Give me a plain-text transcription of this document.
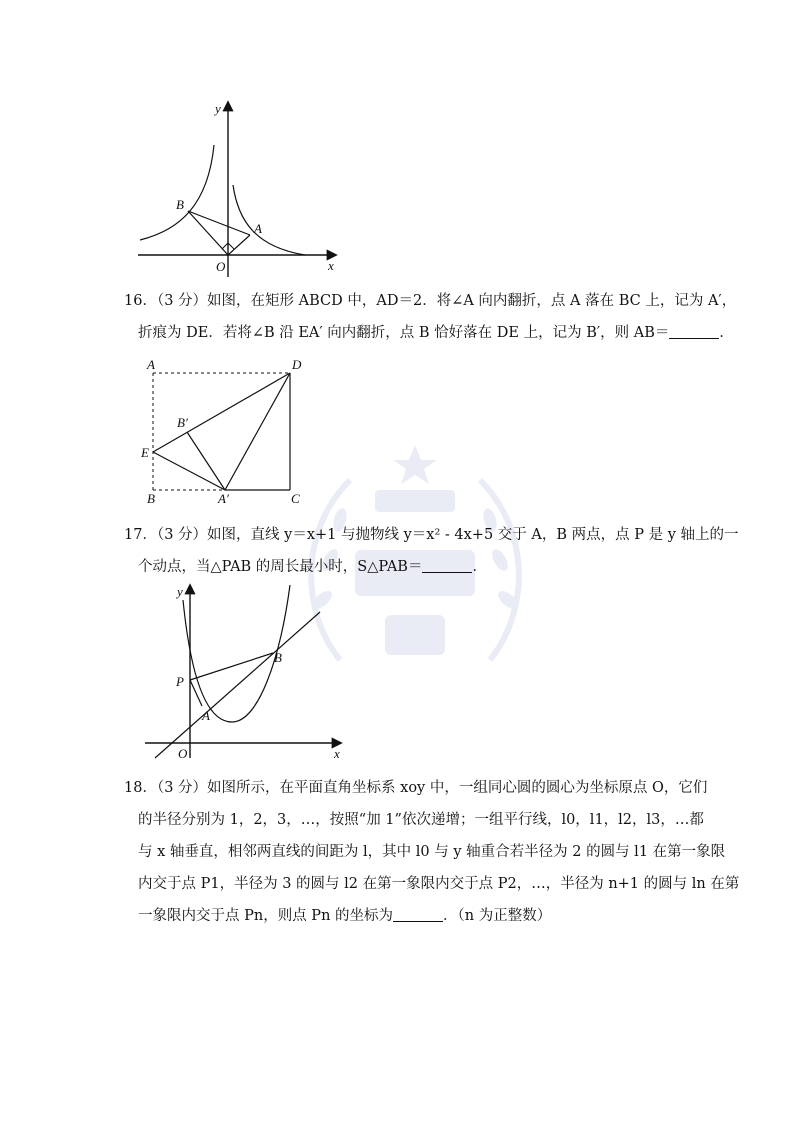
y
x
B
A
O
16．（3 分）如图，在矩形 ABCD 中，AD＝2．将∠A 向内翻折，点 A 落在 BC 上，记为 A′，
折痕为 DE．若将∠B 沿 EA′ 向内翻折，点 B 恰好落在 DE 上，记为 B′，则 AB＝	．
A	D
B′
E
B	A′	C
17．（3 分）如图，直线 y＝x+1 与抛物线 y＝x² - 4x+5 交于 A，B 两点，点 P 是 y 轴上的一
个动点，当△PAB 的周长最小时，S△PAB＝	．
y
x
P
B
A
O
18．（3 分）如图所示，在平面直角坐标系 xoy 中，一组同心圆的圆心为坐标原点 O，它们
的半径分别为 1，2，3，…，按照“加 1”依次递增；一组平行线，l0，l1，l2，l3，…都
与 x 轴垂直，相邻两直线的间距为 l，其中 l0 与 y 轴重合若半径为 2 的圆与 l1 在第一象限
内交于点 P1，半径为 3 的圆与 l2 在第一象限内交于点 P2，…，半径为 n+1 的圆与 ln 在第
一象限内交于点 Pn，则点 Pn 的坐标为	．（n 为正整数）
